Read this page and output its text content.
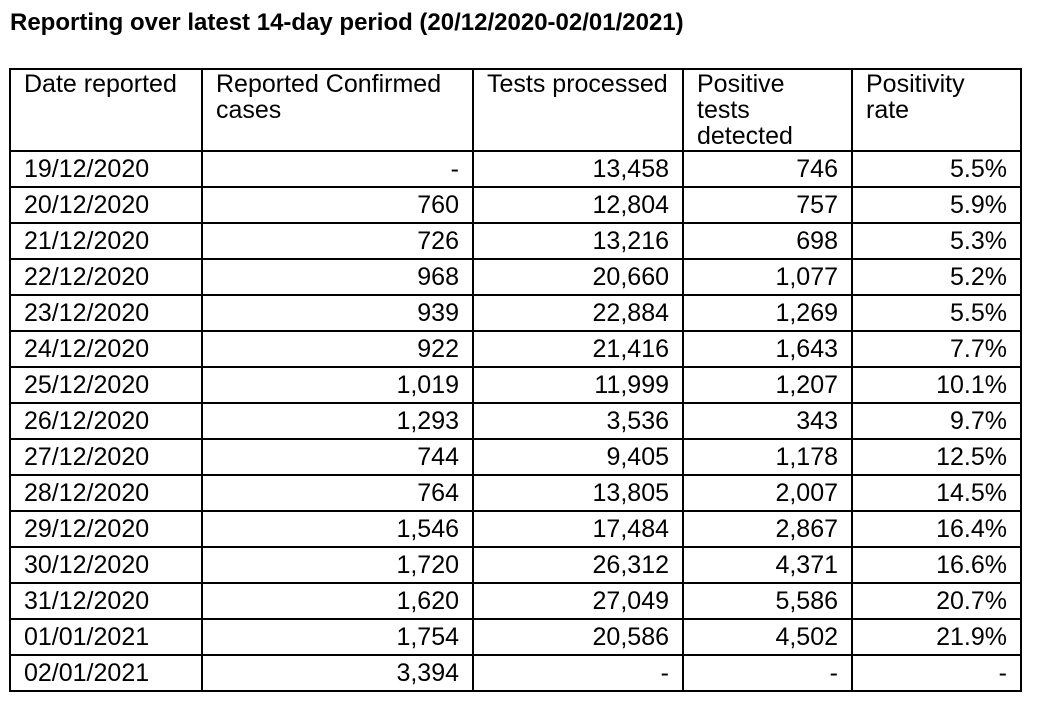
Reporting over latest 14-day period (20/12/2020-02/01/2021)
Date reported	Reported Confirmed cases	Tests processed	Positive tests detected	Positivity rate
19/12/2020	-	13,458	746	5.5%
20/12/2020	760	12,804	757	5.9%
21/12/2020	726	13,216	698	5.3%
22/12/2020	968	20,660	1,077	5.2%
23/12/2020	939	22,884	1,269	5.5%
24/12/2020	922	21,416	1,643	7.7%
25/12/2020	1,019	11,999	1,207	10.1%
26/12/2020	1,293	3,536	343	9.7%
27/12/2020	744	9,405	1,178	12.5%
28/12/2020	764	13,805	2,007	14.5%
29/12/2020	1,546	17,484	2,867	16.4%
30/12/2020	1,720	26,312	4,371	16.6%
31/12/2020	1,620	27,049	5,586	20.7%
01/01/2021	1,754	20,586	4,502	21.9%
02/01/2021	3,394	-	-	-
